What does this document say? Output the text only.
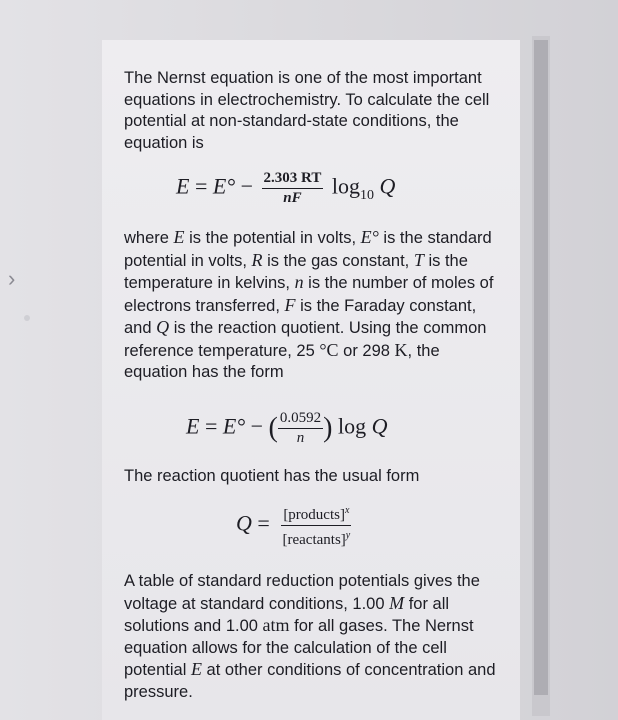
›

The Nernst equation is one of the most important equations in electrochemistry. To calculate the cell potential at non-standard-state conditions, the equation is

$E = E^\circ - \frac{2.303 RT}{nF} \log_{10} Q$

where E is the potential in volts, E° is the standard potential in volts, R is the gas constant, T is the temperature in kelvins, n is the number of moles of electrons transferred, F is the Faraday constant, and Q is the reaction quotient. Using the common reference temperature, 25 °C or 298 K, the equation has the form

E = E° − ( $\frac{0.0592}{n}$ ) log Q

The reaction quotient has the usual form

$Q = \frac{[products]^x}{[reactants]^y}$

A table of standard reduction potentials gives the voltage at standard conditions, 1.00 M for all solutions and 1.00 atm for all gases. The Nernst equation allows for the calculation of the cell potential E at other conditions of concentration and pressure.
